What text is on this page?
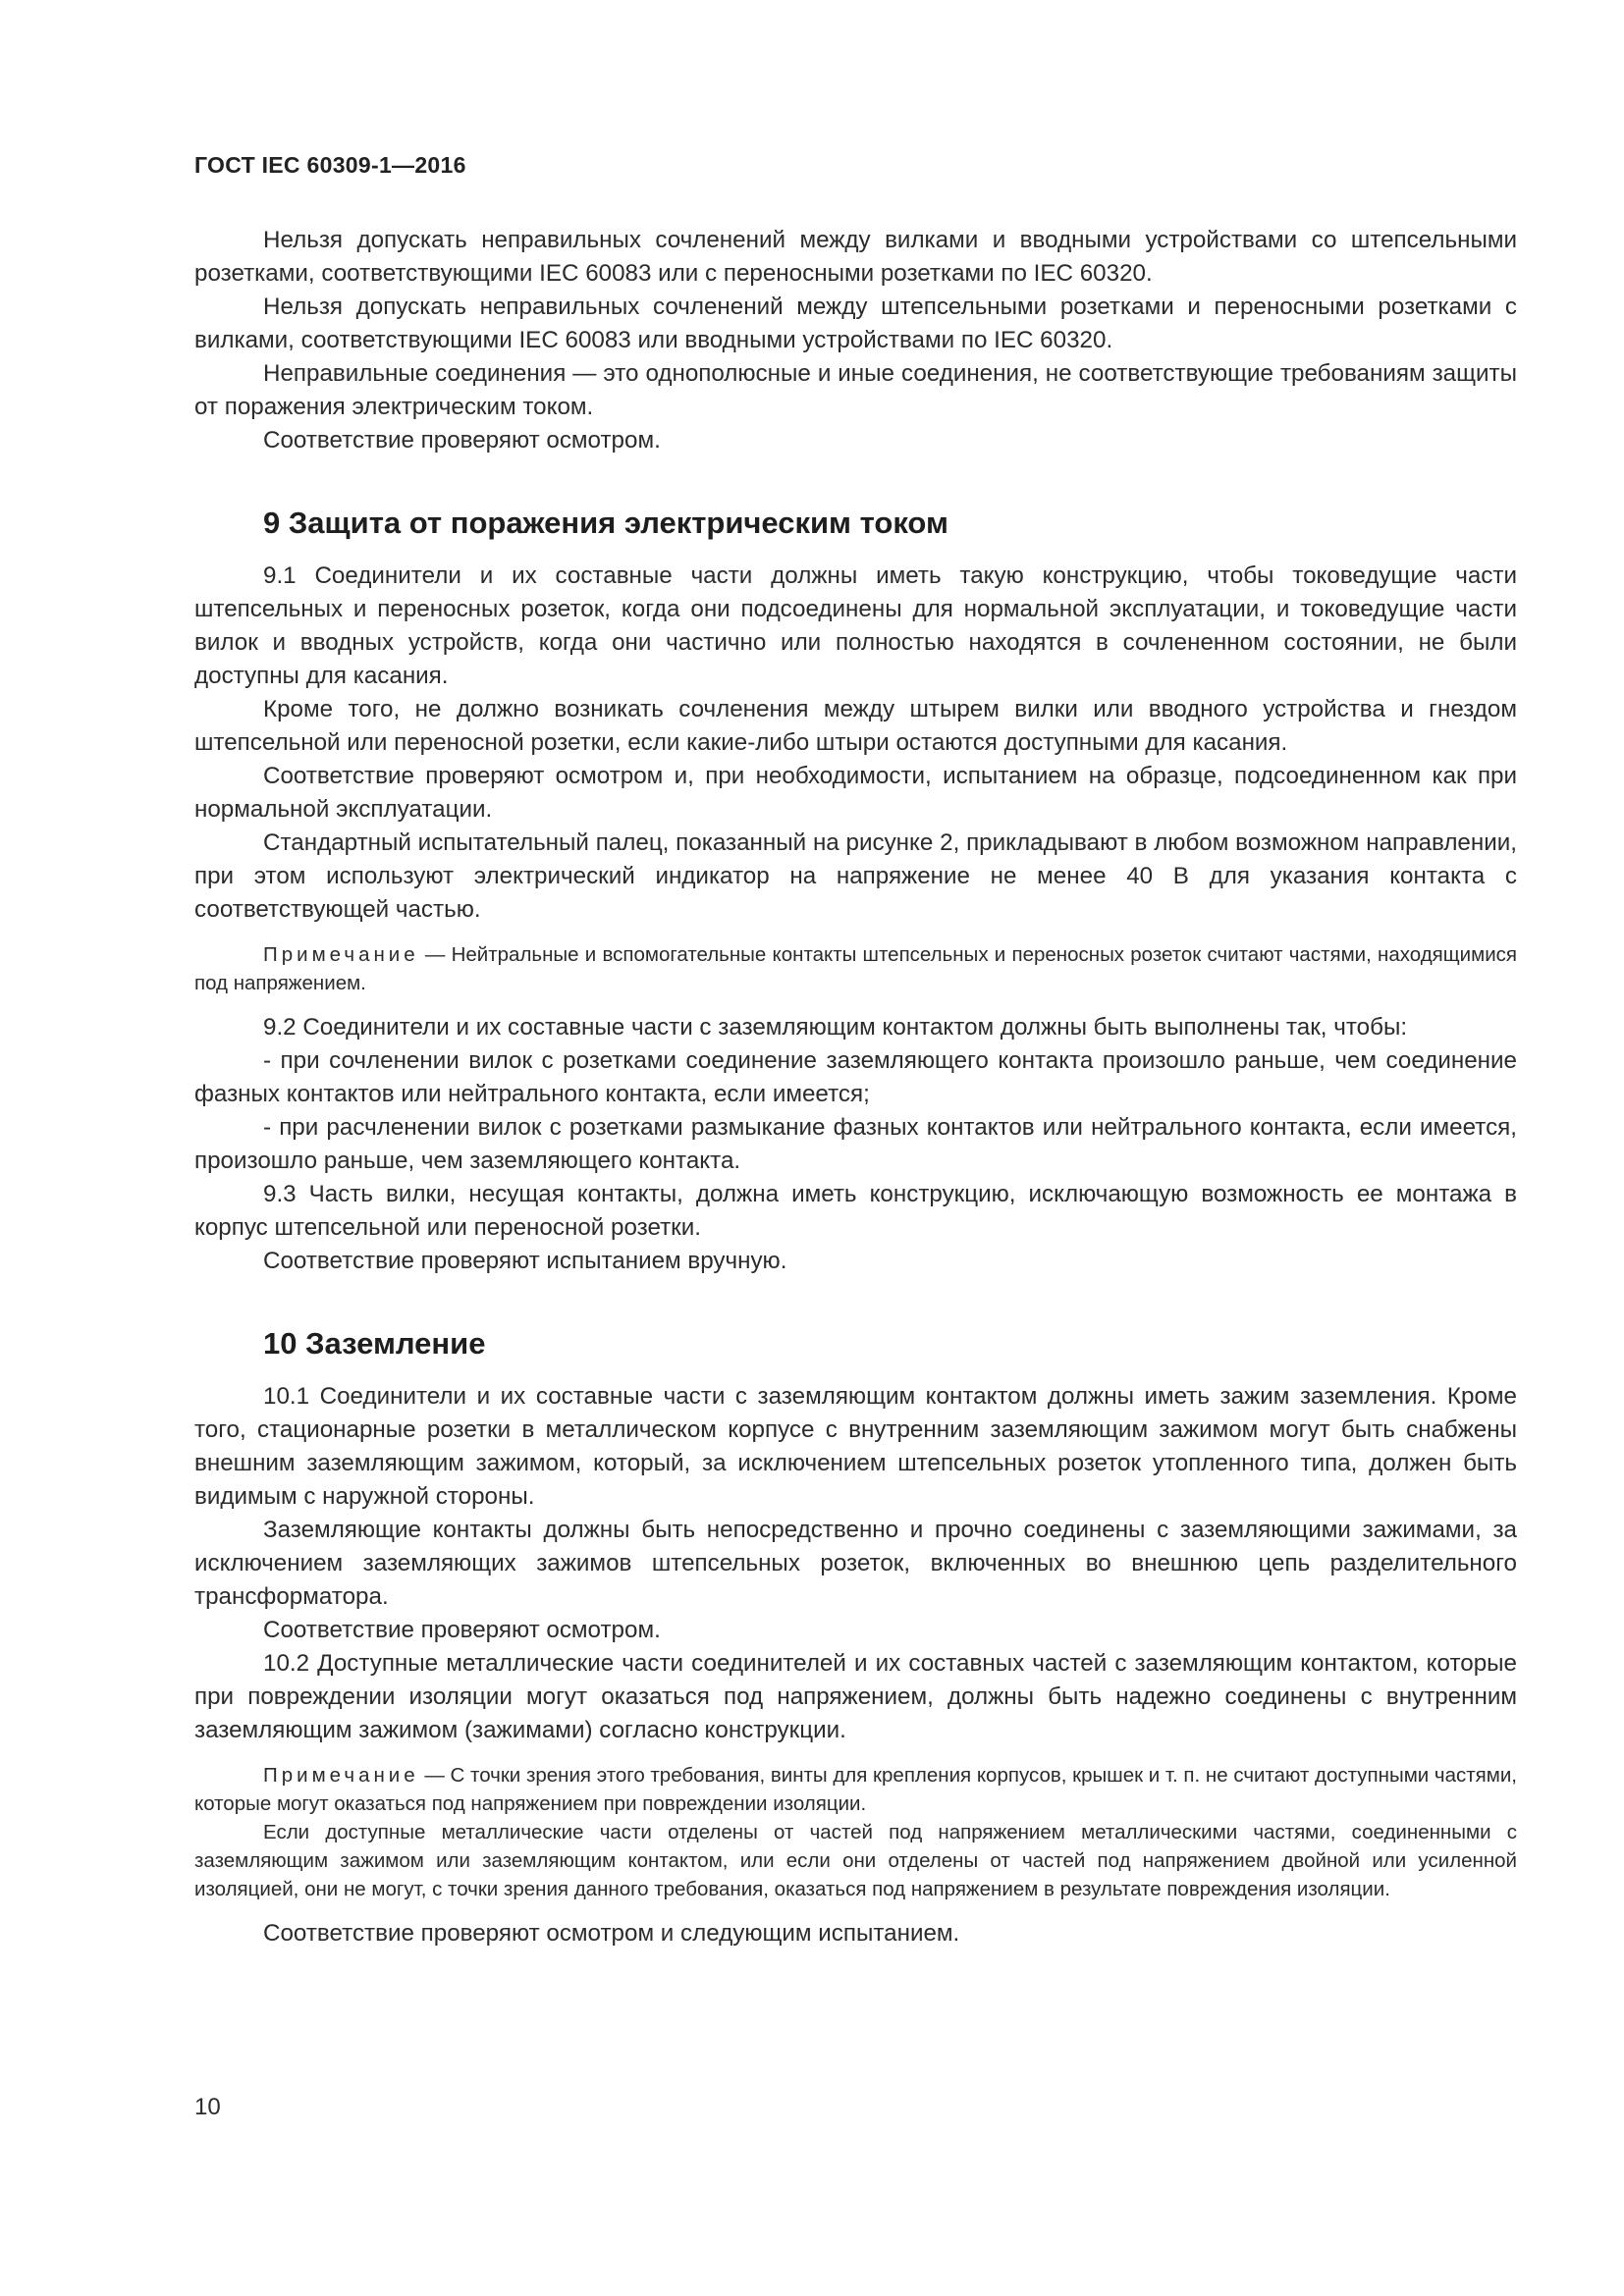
ГОСТ IEC 60309-1—2016

Нельзя допускать неправильных сочленений между вилками и вводными устройствами со штепсельными розетками, соответствующими IEC 60083 или с переносными розетками по IEC 60320.

Нельзя допускать неправильных сочленений между штепсельными розетками и переносными розетками с вилками, соответствующими IEC 60083 или вводными устройствами по IEC 60320.

Неправильные соединения — это однополюсные и иные соединения, не соответствующие требованиям защиты от поражения электрическим током.

Соответствие проверяют осмотром.

9 Защита от поражения электрическим током

9.1 Соединители и их составные части должны иметь такую конструкцию, чтобы токоведущие части штепсельных и переносных розеток, когда они подсоединены для нормальной эксплуатации, и токоведущие части вилок и вводных устройств, когда они частично или полностью находятся в сочлененном состоянии, не были доступны для касания.

Кроме того, не должно возникать сочленения между штырем вилки или вводного устройства и гнездом штепсельной или переносной розетки, если какие-либо штыри остаются доступными для касания.

Соответствие проверяют осмотром и, при необходимости, испытанием на образце, подсоединенном как при нормальной эксплуатации.

Стандартный испытательный палец, показанный на рисунке 2, прикладывают в любом возможном направлении, при этом используют электрический индикатор на напряжение не менее 40 В для указания контакта с соответствующей частью.

Примечание — Нейтральные и вспомогательные контакты штепсельных и переносных розеток считают частями, находящимися под напряжением.

9.2 Соединители и их составные части с заземляющим контактом должны быть выполнены так, чтобы:

- при сочленении вилок с розетками соединение заземляющего контакта произошло раньше, чем соединение фазных контактов или нейтрального контакта, если имеется;

- при расчленении вилок с розетками размыкание фазных контактов или нейтрального контакта, если имеется, произошло раньше, чем заземляющего контакта.

9.3 Часть вилки, несущая контакты, должна иметь конструкцию, исключающую возможность ее монтажа в корпус штепсельной или переносной розетки.

Соответствие проверяют испытанием вручную.

10 Заземление

10.1 Соединители и их составные части с заземляющим контактом должны иметь зажим заземления. Кроме того, стационарные розетки в металлическом корпусе с внутренним заземляющим зажимом могут быть снабжены внешним заземляющим зажимом, который, за исключением штепсельных розеток утопленного типа, должен быть видимым с наружной стороны.

Заземляющие контакты должны быть непосредственно и прочно соединены с заземляющими зажимами, за исключением заземляющих зажимов штепсельных розеток, включенных во внешнюю цепь разделительного трансформатора.

Соответствие проверяют осмотром.

10.2 Доступные металлические части соединителей и их составных частей с заземляющим контактом, которые при повреждении изоляции могут оказаться под напряжением, должны быть надежно соединены с внутренним заземляющим зажимом (зажимами) согласно конструкции.

Примечание — С точки зрения этого требования, винты для крепления корпусов, крышек и т. п. не считают доступными частями, которые могут оказаться под напряжением при повреждении изоляции.

Если доступные металлические части отделены от частей под напряжением металлическими частями, соединенными с заземляющим зажимом или заземляющим контактом, или если они отделены от частей под напряжением двойной или усиленной изоляцией, они не могут, с точки зрения данного требования, оказаться под напряжением в результате повреждения изоляции.

Соответствие проверяют осмотром и следующим испытанием.

10
